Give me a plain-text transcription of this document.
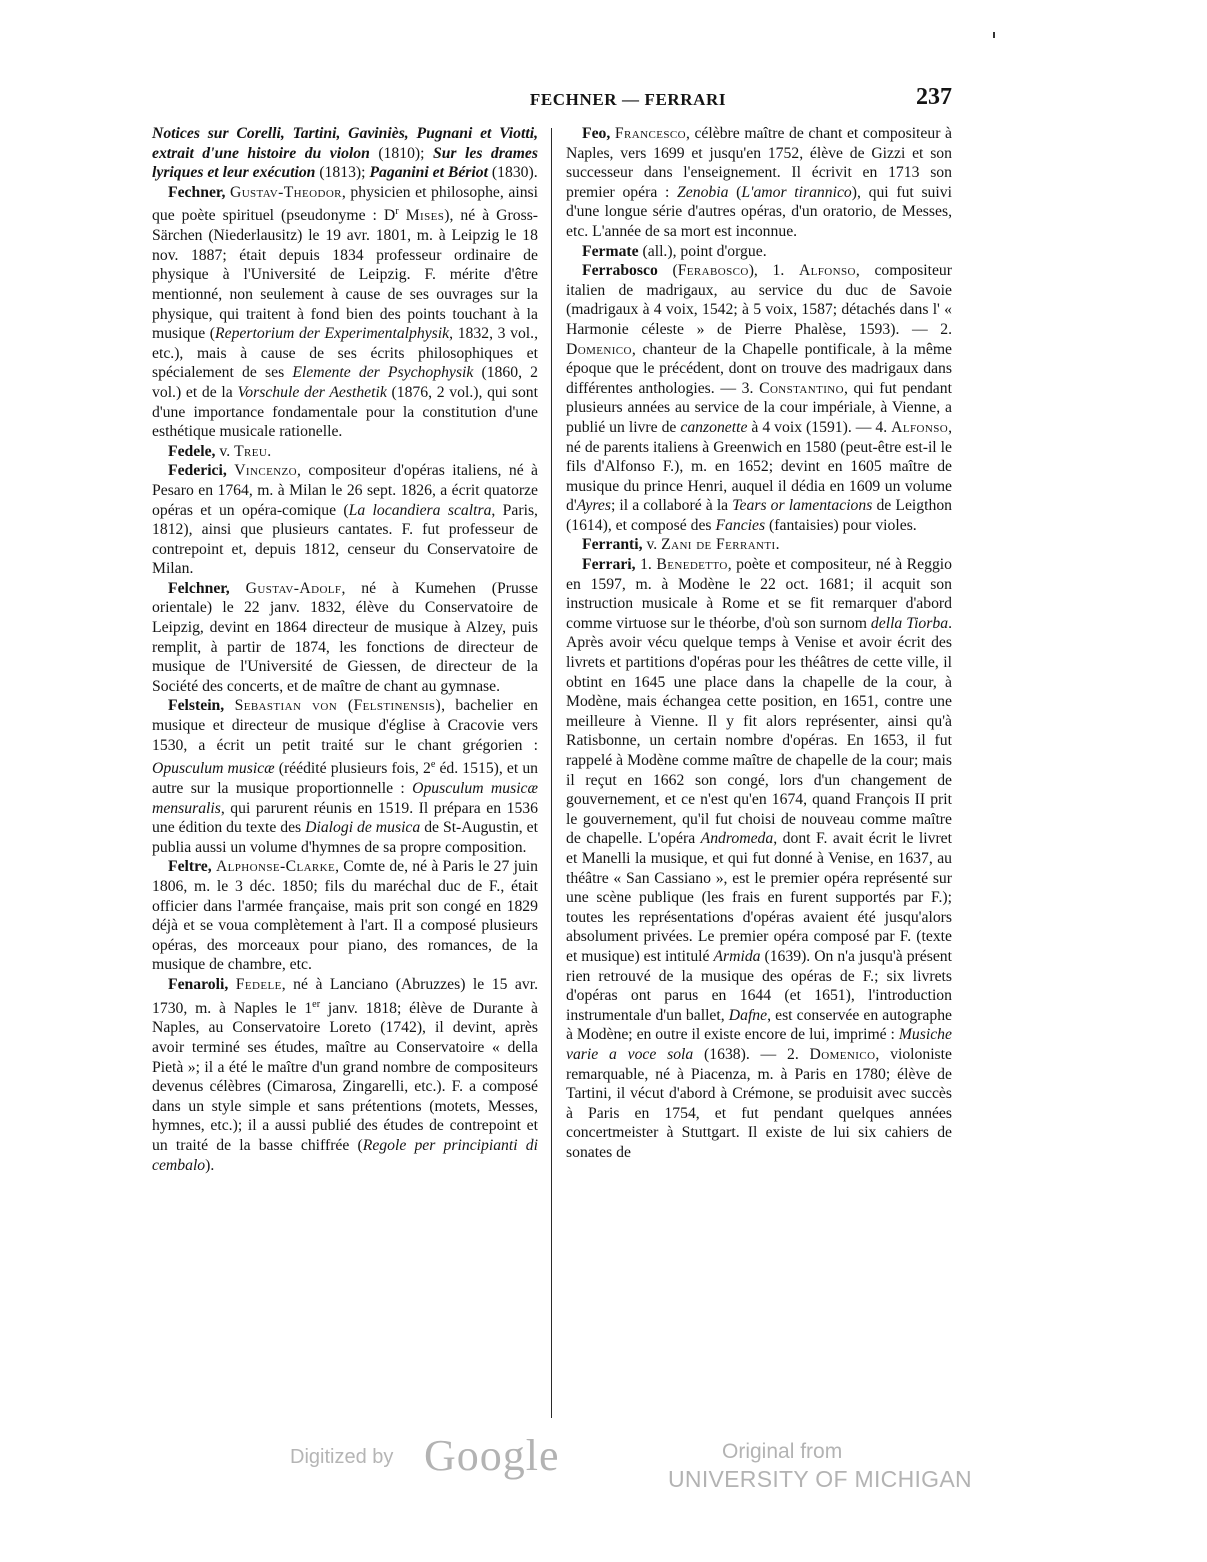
FECHNER — FERRARI	237

Notices sur Corelli, Tartini, Gaviniès, Pugnani et Viotti, extrait d'une histoire du violon (1810); Sur les drames lyriques et leur exécution (1813); Paganini et Bériot (1830).

Fechner, Gustav-Theodor, physicien et philosophe, ainsi que poète spirituel (pseudonyme : $D^r$ Mises), né à Gross-Särchen (Niederlausitz) le 19 avr. 1801, m. à Leipzig le 18 nov. 1887; était depuis 1834 professeur ordinaire de physique à l'Université de Leipzig. F. mérite d'être mentionné, non seulement à cause de ses ouvrages sur la physique, qui traitent à fond bien des points touchant à la musique (Repertorium der Experimentalphysik, 1832, 3 vol., etc.), mais à cause de ses écrits philosophiques et spécialement de ses Elemente der Psychophysik (1860, 2 vol.) et de la Vorschule der Aesthetik (1876, 2 vol.), qui sont d'une importance fondamentale pour la constitution d'une esthétique musicale rationelle.

Fedele, v. Treu.

Federici, Vincenzo, compositeur d'opéras italiens, né à Pesaro en 1764, m. à Milan le 26 sept. 1826, a écrit quatorze opéras et un opéra-comique (La locandiera scaltra, Paris, 1812), ainsi que plusieurs cantates. F. fut professeur de contrepoint et, depuis 1812, censeur du Conservatoire de Milan.

Felchner, Gustav-Adolf, né à Kumehen (Prusse orientale) le 22 janv. 1832, élève du Conservatoire de Leipzig, devint en 1864 directeur de musique à Alzey, puis remplit, à partir de 1874, les fonctions de directeur de musique de l'Université de Giessen, de directeur de la Société des concerts, et de maître de chant au gymnase.

Felstein, Sebastian von (Felstinensis), bachelier en musique et directeur de musique d'église à Cracovie vers 1530, a écrit un petit traité sur le chant grégorien : Opusculum musicæ (réédité plusieurs fois, 2e éd. 1515), et un autre sur la musique proportionnelle : Opusculum musicæ mensuralis, qui parurent réunis en 1519. Il prépara en 1536 une édition du texte des Dialogi de musica de St-Augustin, et publia aussi un volume d'hymnes de sa propre composition.

Feltre, Alphonse-Clarke, Comte de, né à Paris le 27 juin 1806, m. le 3 déc. 1850; fils du maréchal duc de F., était officier dans l'armée française, mais prit son congé en 1829 déjà et se voua complètement à l'art. Il a composé plusieurs opéras, des morceaux pour piano, des romances, de la musique de chambre, etc.

Fenaroli, Fedele, né à Lanciano (Abruzzes) le 15 avr. 1730, m. à Naples le 1er janv. 1818; élève de Durante à Naples, au Conservatoire Loreto (1742), il devint, après avoir terminé ses études, maître au Conservatoire « della Pietà »; il a été le maître d'un grand nombre de compositeurs devenus célèbres (Cimarosa, Zingarelli, etc.). F. a composé dans un style simple et sans prétentions (motets, Messes, hymnes, etc.); il a aussi publié des études de contrepoint et un traité de la basse chiffrée (Regole per principianti di cembalo).

Feo, Francesco, célèbre maître de chant et compositeur à Naples, vers 1699 et jusqu'en 1752, élève de Gizzi et son successeur dans l'enseignement. Il écrivit en 1713 son premier opéra : Zenobia (L'amor tirannico), qui fut suivi d'une longue série d'autres opéras, d'un oratorio, de Messes, etc. L'année de sa mort est inconnue.

Fermate (all.), point d'orgue.

Ferrabosco (Ferabosco), 1. Alfonso, compositeur italien de madrigaux, au service du duc de Savoie (madrigaux à 4 voix, 1542; à 5 voix, 1587; détachés dans l' « Harmonie céleste » de Pierre Phalèse, 1593). — 2. Domenico, chanteur de la Chapelle pontificale, à la même époque que le précédent, dont on trouve des madrigaux dans différentes anthologies. — 3. Constantino, qui fut pendant plusieurs années au service de la cour impériale, à Vienne, a publié un livre de canzonette à 4 voix (1591). — 4. Alfonso, né de parents italiens à Greenwich en 1580 (peut-être est-il le fils d'Alfonso F.), m. en 1652; devint en 1605 maître de musique du prince Henri, auquel il dédia en 1609 un volume d'Ayres; il a collaboré à la Tears or lamentacions de Leigthon (1614), et composé des Fancies (fantaisies) pour violes.

Ferranti, v. Zani de Ferranti.

Ferrari, 1. Benedetto, poète et compositeur, né à Reggio en 1597, m. à Modène le 22 oct. 1681; il acquit son instruction musicale à Rome et se fit remarquer d'abord comme virtuose sur le théorbe, d'où son surnom della Tiorba. Après avoir vécu quelque temps à Venise et avoir écrit des livrets et partitions d'opéras pour les théâtres de cette ville, il obtint en 1645 une place dans la chapelle de la cour, à Modène, mais échangea cette position, en 1651, contre une meilleure à Vienne. Il y fit alors représenter, ainsi qu'à Ratisbonne, un certain nombre d'opéras. En 1653, il fut rappelé à Modène comme maître de chapelle de la cour; mais il reçut en 1662 son congé, lors d'un changement de gouvernement, et ce n'est qu'en 1674, quand François II prit le gouvernement, qu'il fut choisi de nouveau comme maître de chapelle. L'opéra Andromeda, dont F. avait écrit le livret et Manelli la musique, et qui fut donné à Venise, en 1637, au théâtre « San Cassiano », est le premier opéra représenté sur une scène publique (les frais en furent supportés par F.); toutes les représentations d'opéras avaient été jusqu'alors absolument privées. Le premier opéra composé par F. (texte et musique) est intitulé Armida (1639). On n'a jusqu'à présent rien retrouvé de la musique des opéras de F.; six livrets d'opéras ont parus en 1644 (et 1651), l'introduction instrumentale d'un ballet, Dafne, est conservée en autographe à Modène; en outre il existe encore de lui, imprimé : Musiche varie a voce sola (1638). — 2. Domenico, violoniste remarquable, né à Piacenza, m. à Paris en 1780; élève de Tartini, il vécut d'abord à Crémone, se produisit avec succès à Paris en 1754, et fut pendant quelques années concertmeister à Stuttgart. Il existe de lui six cahiers de sonates de

Digitized by Google	Original from
UNIVERSITY OF MICHIGAN
